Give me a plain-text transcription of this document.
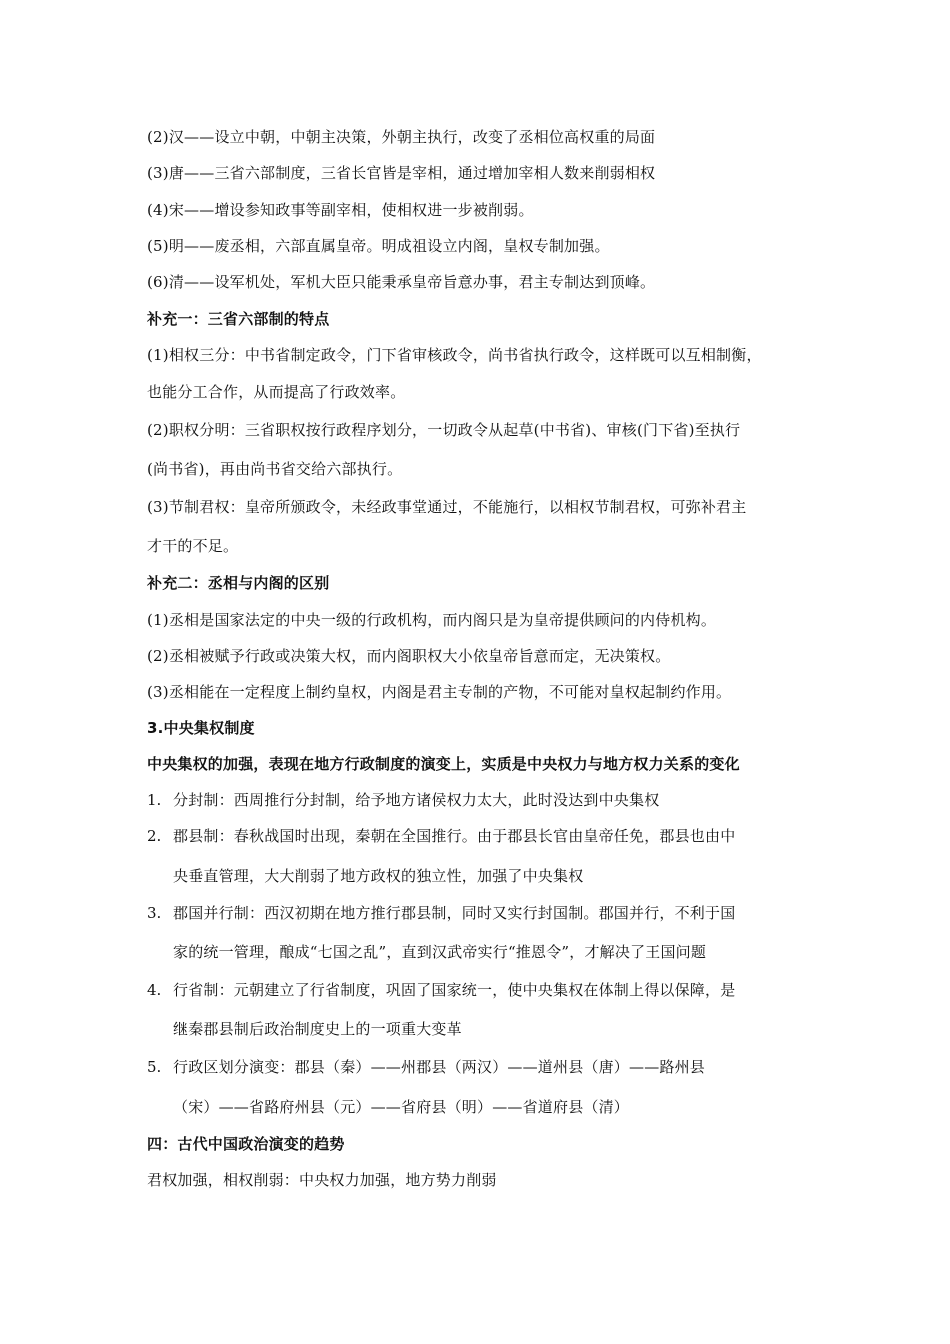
(2)汉——设立中朝，中朝主决策，外朝主执行，改变了丞相位高权重的局面
(3)唐——三省六部制度，三省长官皆是宰相，通过增加宰相人数来削弱相权
(4)宋——增设参知政事等副宰相，使相权进一步被削弱。
(5)明——废丞相，六部直属皇帝。明成祖设立内阁，皇权专制加强。
(6)清——设军机处，军机大臣只能秉承皇帝旨意办事，君主专制达到顶峰。
补充一：三省六部制的特点
(1)相权三分：中书省制定政令，门下省审核政令，尚书省执行政令，这样既可以互相制衡，
也能分工合作，从而提高了行政效率。
(2)职权分明：三省职权按行政程序划分，一切政令从起草(中书省)、审核(门下省)至执行
(尚书省)，再由尚书省交给六部执行。
(3)节制君权：皇帝所颁政令，未经政事堂通过，不能施行，以相权节制君权，可弥补君主
才干的不足。
补充二：丞相与内阁的区别
(1)丞相是国家法定的中央一级的行政机构，而内阁只是为皇帝提供顾问的内侍机构。
(2)丞相被赋予行政或决策大权，而内阁职权大小依皇帝旨意而定，无决策权。
(3)丞相能在一定程度上制约皇权，内阁是君主专制的产物，不可能对皇权起制约作用。
3.中央集权制度
中央集权的加强，表现在地方行政制度的演变上，实质是中央权力与地方权力关系的变化
1. 分封制：西周推行分封制，给予地方诸侯权力太大，此时没达到中央集权
2. 郡县制：春秋战国时出现，秦朝在全国推行。由于郡县长官由皇帝任免，郡县也由中
央垂直管理，大大削弱了地方政权的独立性，加强了中央集权
3. 郡国并行制：西汉初期在地方推行郡县制，同时又实行封国制。郡国并行，不利于国
家的统一管理，酿成“七国之乱”，直到汉武帝实行“推恩令”，才解决了王国问题
4. 行省制：元朝建立了行省制度，巩固了国家统一，使中央集权在体制上得以保障，是
继秦郡县制后政治制度史上的一项重大变革
5. 行政区划分演变：郡县（秦）——州郡县（两汉）——道州县（唐）——路州县
（宋）——省路府州县（元）——省府县（明）——省道府县（清）
四：古代中国政治演变的趋势
君权加强，相权削弱：中央权力加强，地方势力削弱
